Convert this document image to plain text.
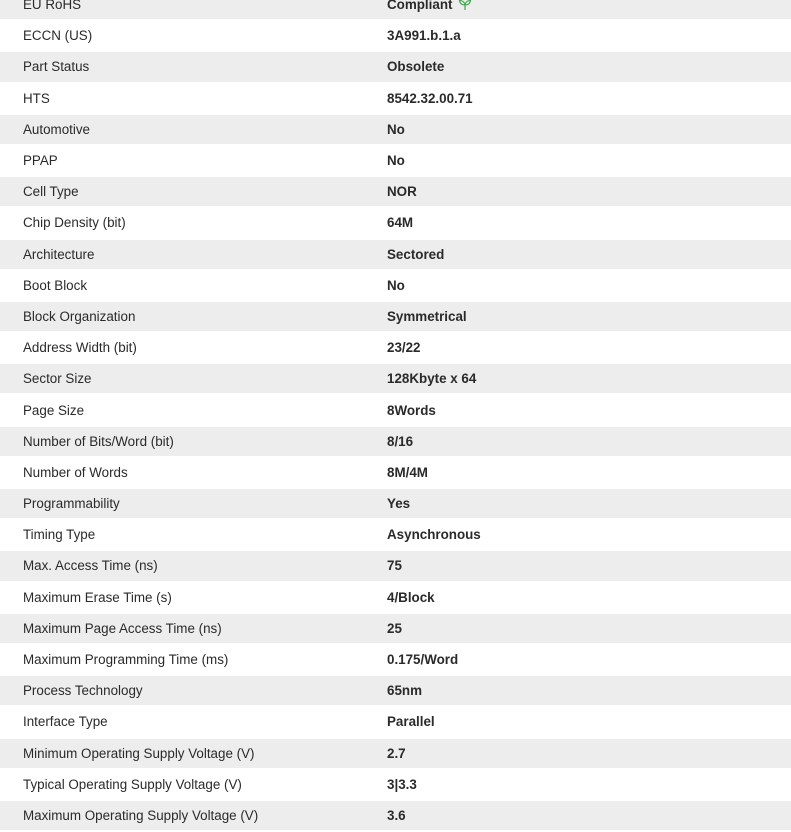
EU RoHS	Compliant
ECCN (US)	3A991.b.1.a
Part Status	Obsolete
HTS	8542.32.00.71
Automotive	No
PPAP	No
Cell Type	NOR
Chip Density (bit)	64M
Architecture	Sectored
Boot Block	No
Block Organization	Symmetrical
Address Width (bit)	23/22
Sector Size	128Kbyte x 64
Page Size	8Words
Number of Bits/Word (bit)	8/16
Number of Words	8M/4M
Programmability	Yes
Timing Type	Asynchronous
Max. Access Time (ns)	75
Maximum Erase Time (s)	4/Block
Maximum Page Access Time (ns)	25
Maximum Programming Time (ms)	0.175/Word
Process Technology	65nm
Interface Type	Parallel
Minimum Operating Supply Voltage (V)	2.7
Typical Operating Supply Voltage (V)	3|3.3
Maximum Operating Supply Voltage (V)	3.6
